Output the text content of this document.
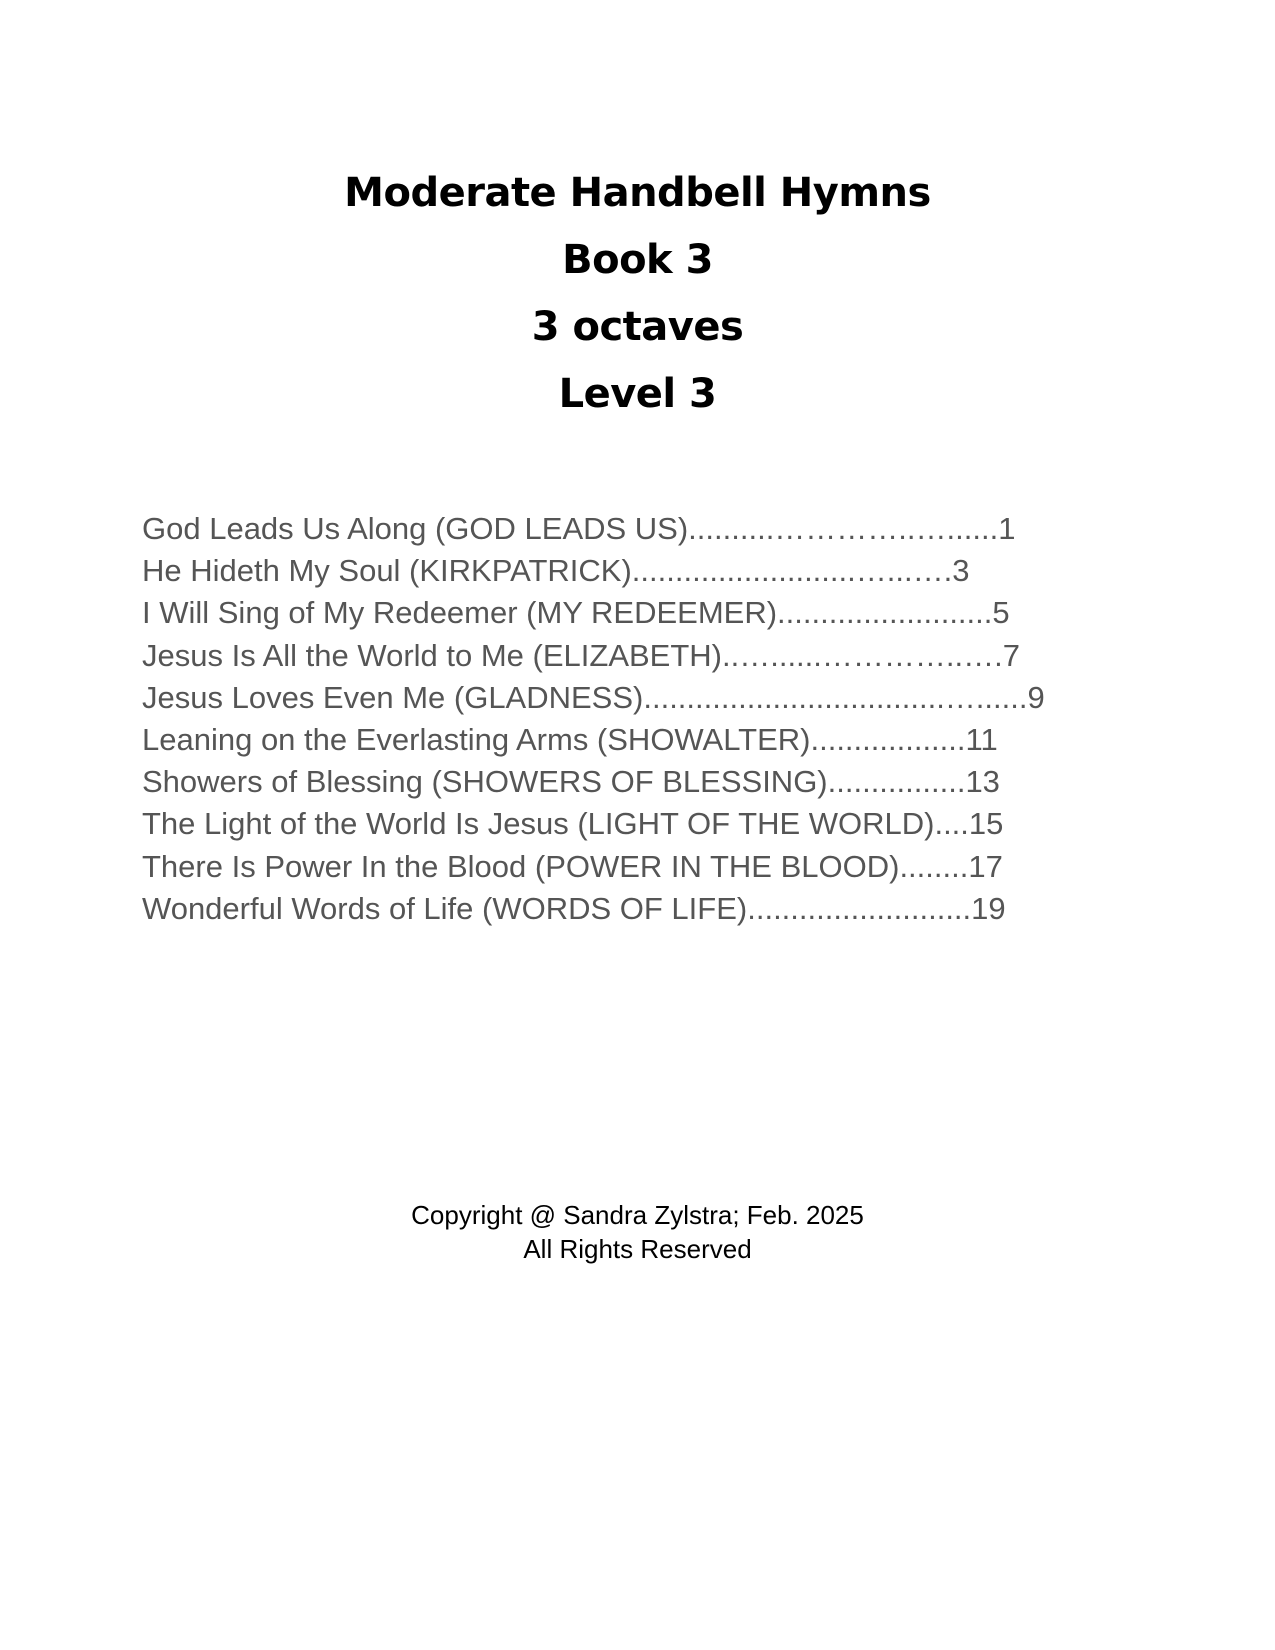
Moderate Handbell Hymns
Book 3
3 octaves
Level 3
God Leads Us Along (GOD LEADS US)..........…………..…......1
He Hideth My Soul (KIRKPATRICK)..........................…...….3
I Will Sing of My Redeemer (MY REDEEMER).........................5
Jesus Is All the World to Me (ELIZABETH)..…......…………..….7
Jesus Loves Even Me (GLADNESS)...................................…......9
Leaning on the Everlasting Arms (SHOWALTER)..................11
Showers of Blessing (SHOWERS OF BLESSING)................13
The Light of the World Is Jesus (LIGHT OF THE WORLD)....15
There Is Power In the Blood (POWER IN THE BLOOD)........17
Wonderful Words of Life (WORDS OF LIFE)..........................19
Copyright @ Sandra Zylstra; Feb. 2025
All Rights Reserved
